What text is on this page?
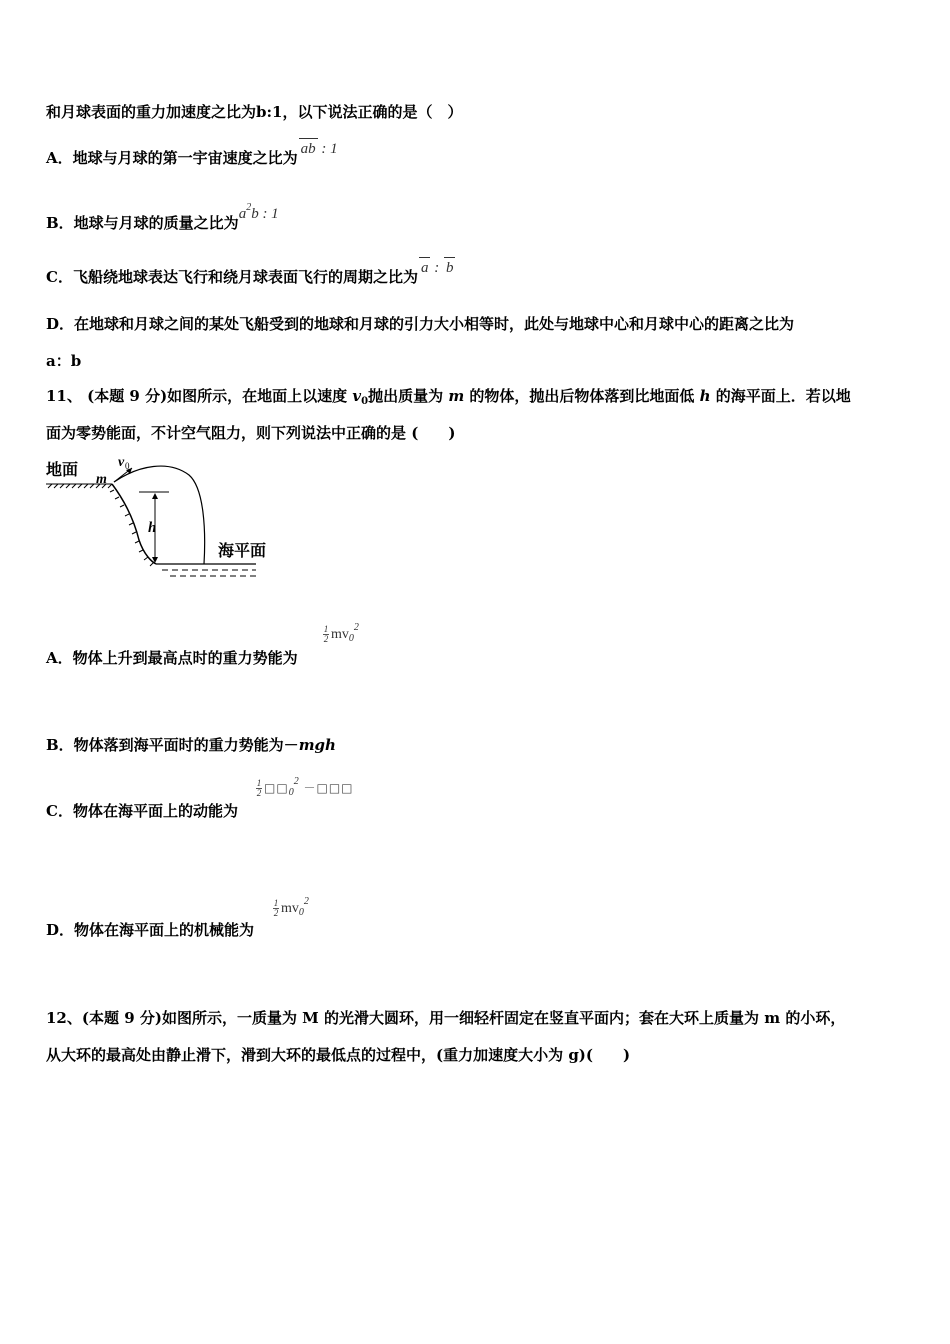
和月球表面的重力加速度之比为b:1，以下说法正确的是（　）
A．地球与月球的第一宇宙速度之比为 ab : 1
B．地球与月球的质量之比为$a^2b$ : 1
C．飞船绕地球表达飞行和绕月球表面飞行的周期之比为 a : b
D．在地球和月球之间的某处飞船受到的地球和月球的引力大小相等时，此处与地球中心和月球中心的距离之比为
a：b
11、 (本题 9 分)如图所示，在地面上以速度 $v_0$抛出质量为 m 的物体，抛出后物体落到比地面低 h 的海平面上．若以地
面为零势能面，不计空气阻力，则下列说法中正确的是 (　　)
地面
m
v 0
h
海平面
$\frac{1}{2} mv_0^2$
A．物体上升到最高点时的重力势能为
B．物体落到海平面时的重力势能为－mgh
$\frac{1}{2}$ $□□_0^2$ －□□□
C．物体在海平面上的动能为
$\frac{1}{2} mv_0^2$
D．物体在海平面上的机械能为
12、(本题 9 分)如图所示，一质量为 M 的光滑大圆环，用一细轻杆固定在竖直平面内；套在大环上质量为 m 的小环，
从大环的最高处由静止滑下，滑到大环的最低点的过程中，(重力加速度大小为 g)(　　)
